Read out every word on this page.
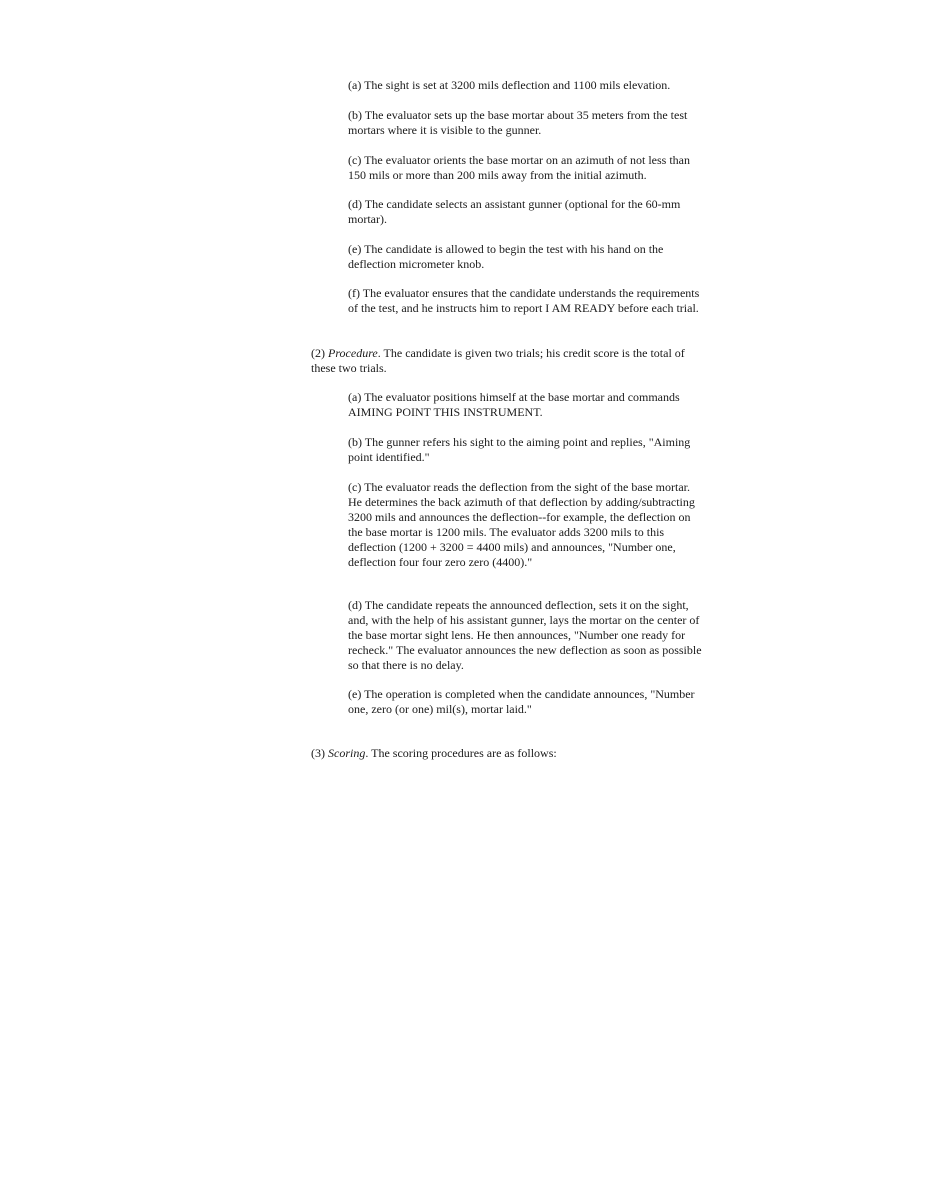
(a) The sight is set at 3200 mils deflection and 1100 mils elevation.

(b) The evaluator sets up the base mortar about 35 meters from the test mortars where it is visible to the gunner.

(c) The evaluator orients the base mortar on an azimuth of not less than 150 mils or more than 200 mils away from the initial azimuth.

(d) The candidate selects an assistant gunner (optional for the 60-mm mortar).

(e) The candidate is allowed to begin the test with his hand on the deflection micrometer knob.

(f) The evaluator ensures that the candidate understands the requirements of the test, and he instructs him to report I AM READY before each trial.

(2) Procedure. The candidate is given two trials; his credit score is the total of these two trials.

(a) The evaluator positions himself at the base mortar and commands AIMING POINT THIS INSTRUMENT.

(b) The gunner refers his sight to the aiming point and replies, "Aiming point identified."

(c) The evaluator reads the deflection from the sight of the base mortar. He determines the back azimuth of that deflection by adding/subtracting 3200 mils and announces the deflection--for example, the deflection on the base mortar is 1200 mils. The evaluator adds 3200 mils to this deflection (1200 + 3200 = 4400 mils) and announces, "Number one, deflection four four zero zero (4400)."

(d) The candidate repeats the announced deflection, sets it on the sight, and, with the help of his assistant gunner, lays the mortar on the center of the base mortar sight lens. He then announces, "Number one ready for recheck." The evaluator announces the new deflection as soon as possible so that there is no delay.

(e) The operation is completed when the candidate announces, "Number one, zero (or one) mil(s), mortar laid."

(3) Scoring. The scoring procedures are as follows:
